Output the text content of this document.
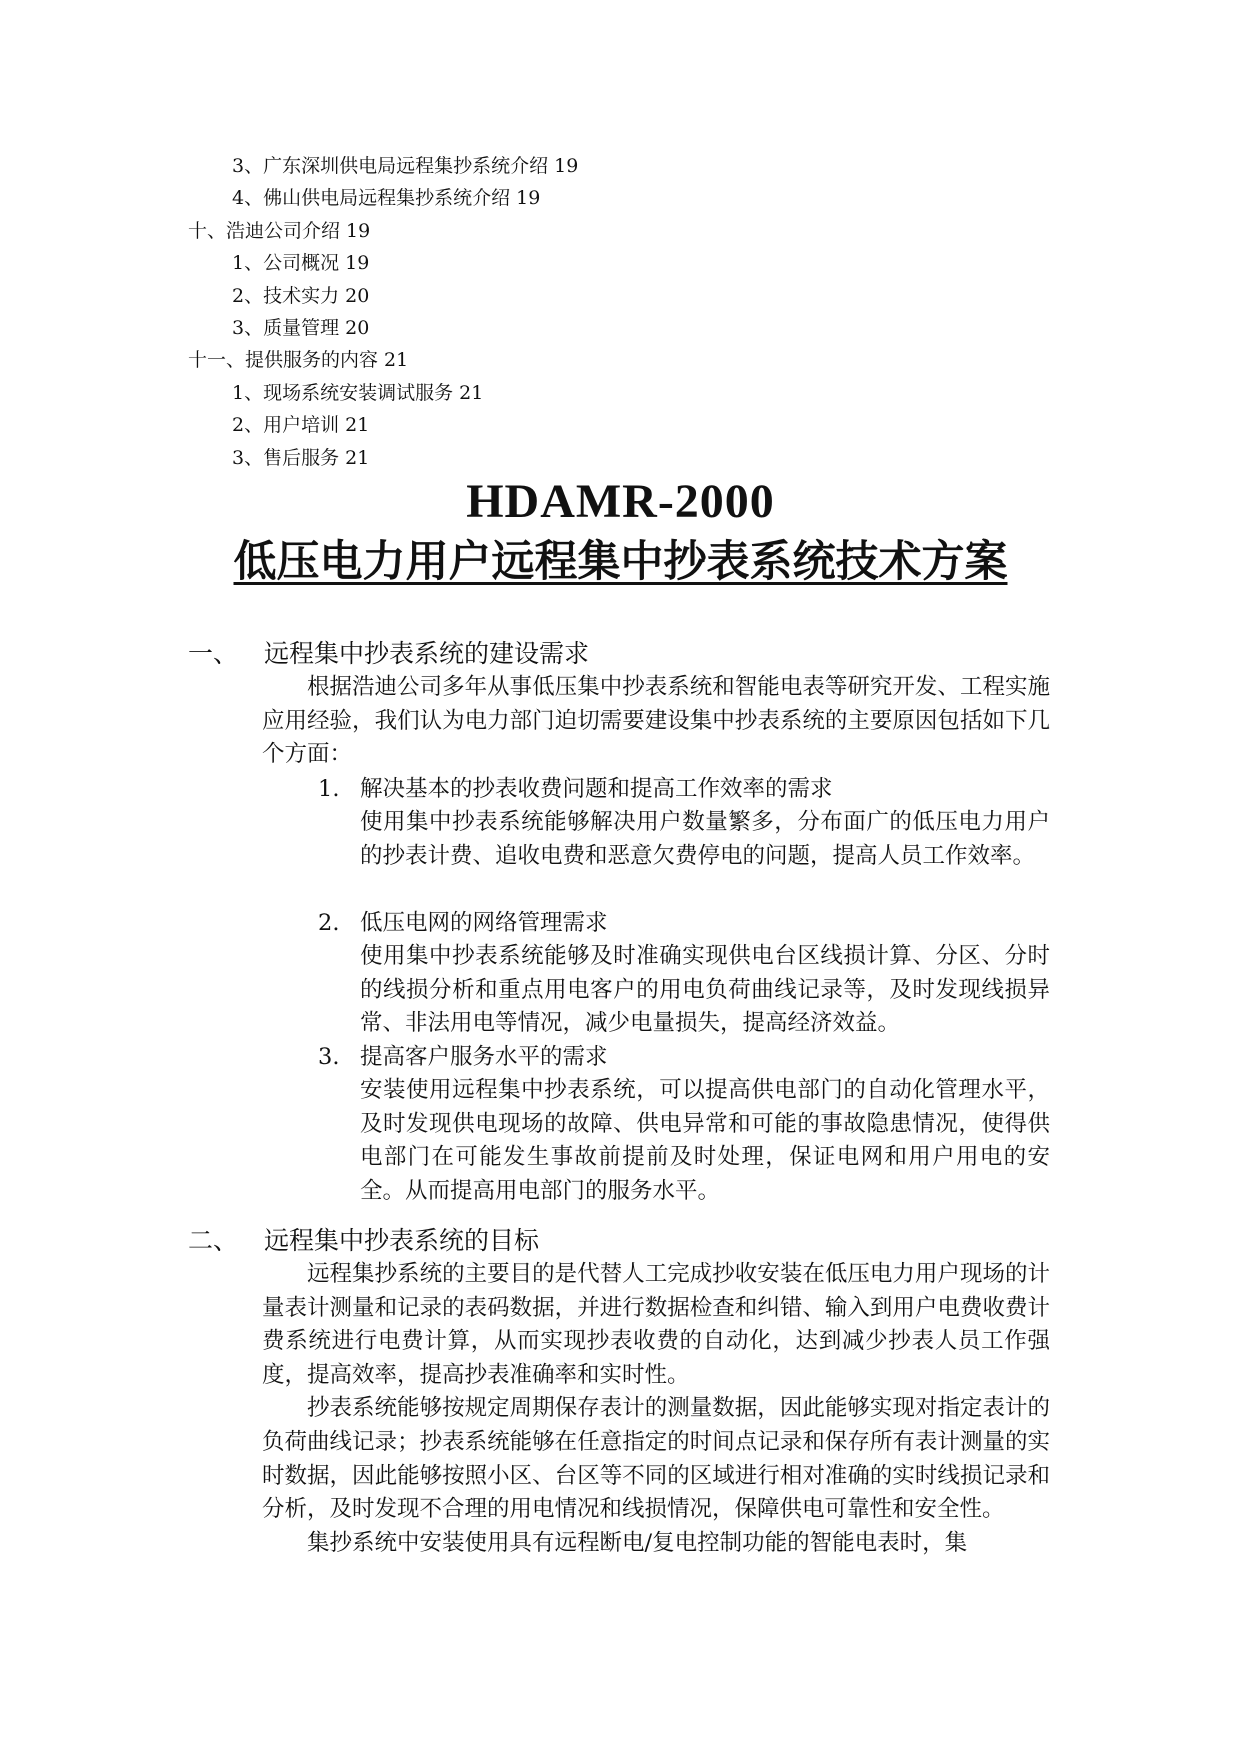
3、广东深圳供电局远程集抄系统介绍 19
4、佛山供电局远程集抄系统介绍 19
十、浩迪公司介绍 19
1、公司概况 19
2、技术实力 20
3、质量管理 20
十一、提供服务的内容 21
1、现场系统安装调试服务 21
2、用户培训 21
3、售后服务 21
HDAMR-2000
低压电力用户远程集中抄表系统技术方案
一、 远程集中抄表系统的建设需求

根据浩迪公司多年从事低压集中抄表系统和智能电表等研究开发、工程实施应用经验，我们认为电力部门迫切需要建设集中抄表系统的主要原因包括如下几个方面：

1. 解决基本的抄表收费问题和提高工作效率的需求

使用集中抄表系统能够解决用户数量繁多，分布面广的低压电力用户的抄表计费、追收电费和恶意欠费停电的问题，提高人员工作效率。

2. 低压电网的网络管理需求

使用集中抄表系统能够及时准确实现供电台区线损计算、分区、分时的线损分析和重点用电客户的用电负荷曲线记录等，及时发现线损异常、非法用电等情况，减少电量损失，提高经济效益。

3. 提高客户服务水平的需求

安装使用远程集中抄表系统，可以提高供电部门的自动化管理水平，及时发现供电现场的故障、供电异常和可能的事故隐患情况，使得供电部门在可能发生事故前提前及时处理，保证电网和用户用电的安全。从而提高用电部门的服务水平。

二、 远程集中抄表系统的目标

远程集抄系统的主要目的是代替人工完成抄收安装在低压电力用户现场的计量表计测量和记录的表码数据，并进行数据检查和纠错、输入到用户电费收费计费系统进行电费计算，从而实现抄表收费的自动化，达到减少抄表人员工作强度，提高效率，提高抄表准确率和实时性。

抄表系统能够按规定周期保存表计的测量数据，因此能够实现对指定表计的负荷曲线记录；抄表系统能够在任意指定的时间点记录和保存所有表计测量的实时数据，因此能够按照小区、台区等不同的区域进行相对准确的实时线损记录和分析，及时发现不合理的用电情况和线损情况，保障供电可靠性和安全性。

集抄系统中安装使用具有远程断电/复电控制功能的智能电表时，集
